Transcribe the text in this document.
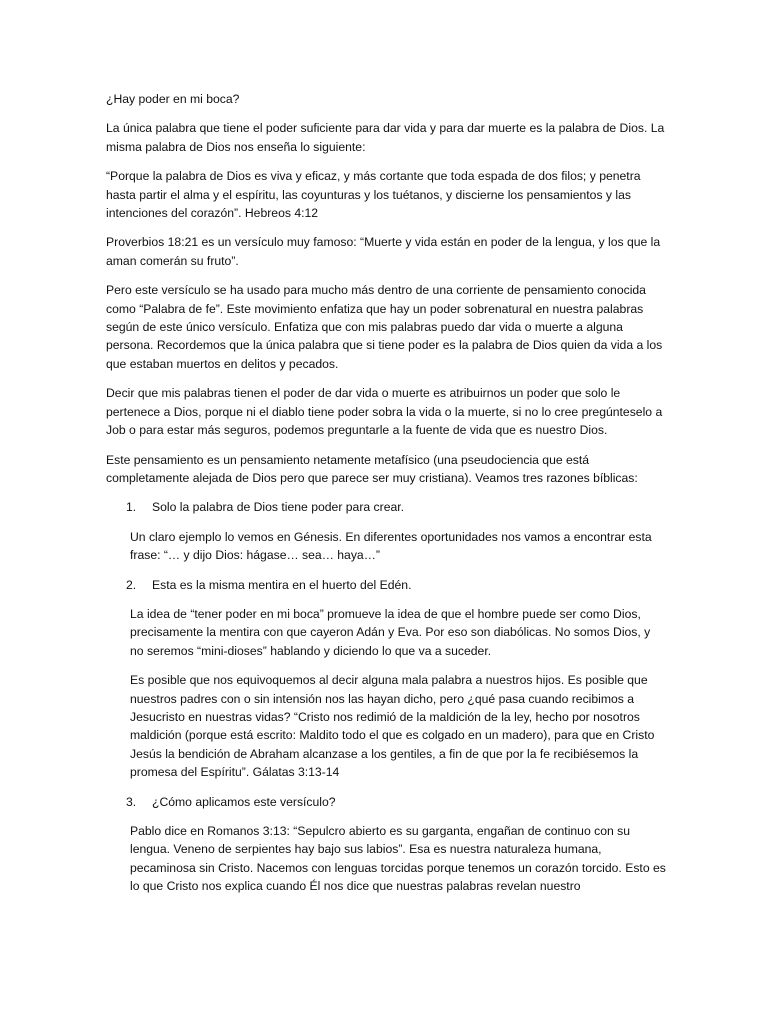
¿Hay poder en mi boca?

La única palabra que tiene el poder suficiente para dar vida y para dar muerte es la palabra de Dios. La misma palabra de Dios nos enseña lo siguiente:

“Porque la palabra de Dios es viva y eficaz, y más cortante que toda espada de dos filos; y penetra hasta partir el alma y el espíritu, las coyunturas y los tuétanos, y discierne los pensamientos y las intenciones del corazón”. Hebreos 4:12

Proverbios 18:21 es un versículo muy famoso: “Muerte y vida están en poder de la lengua, y los que la aman comerán su fruto”.

Pero este versículo se ha usado para mucho más dentro de una corriente de pensamiento conocida como “Palabra de fe”. Este movimiento enfatiza que hay un poder sobrenatural en nuestra palabras según de este único versículo. Enfatiza que con mis palabras puedo dar vida o muerte a alguna persona. Recordemos que la única palabra que si tiene poder es la palabra de Dios quien da vida a los que estaban muertos en delitos y pecados.

Decir que mis palabras tienen el poder de dar vida o muerte es atribuirnos un poder que solo le pertenece a Dios, porque ni el diablo tiene poder sobra la vida o la muerte, si no lo cree pregúnteselo a Job o para estar más seguros, podemos preguntarle a la fuente de vida que es nuestro Dios.

Este pensamiento es un pensamiento netamente metafísico (una pseudociencia que está completamente alejada de Dios pero que parece ser muy cristiana). Veamos tres razones bíblicas:

1.	Solo la palabra de Dios tiene poder para crear.

Un claro ejemplo lo vemos en Génesis. En diferentes oportunidades nos vamos a encontrar esta frase: “… y dijo Dios: hágase… sea… haya…”

2.	Esta es la misma mentira en el huerto del Edén.

La idea de “tener poder en mi boca” promueve la idea de que el hombre puede ser como Dios, precisamente la mentira con que cayeron Adán y Eva. Por eso son diabólicas. No somos Dios, y no seremos “mini-dioses” hablando y diciendo lo que va a suceder.

Es posible que nos equivoquemos al decir alguna mala palabra a nuestros hijos. Es posible que nuestros padres con o sin intensión nos las hayan dicho, pero ¿qué pasa cuando recibimos a Jesucristo en nuestras vidas? “Cristo nos redimió de la maldición de la ley, hecho por nosotros maldición (porque está escrito: Maldito todo el que es colgado en un madero), para que en Cristo Jesús la bendición de Abraham alcanzase a los gentiles, a fin de que por la fe recibiésemos la promesa del Espíritu”. Gálatas 3:13-14

3.	¿Cómo aplicamos este versículo?

Pablo dice en Romanos 3:13: “Sepulcro abierto es su garganta, engañan de continuo con su lengua. Veneno de serpientes hay bajo sus labios”. Esa es nuestra naturaleza humana, pecaminosa sin Cristo. Nacemos con lenguas torcidas porque tenemos un corazón torcido. Esto es lo que Cristo nos explica cuando Él nos dice que nuestras palabras revelan nuestro
